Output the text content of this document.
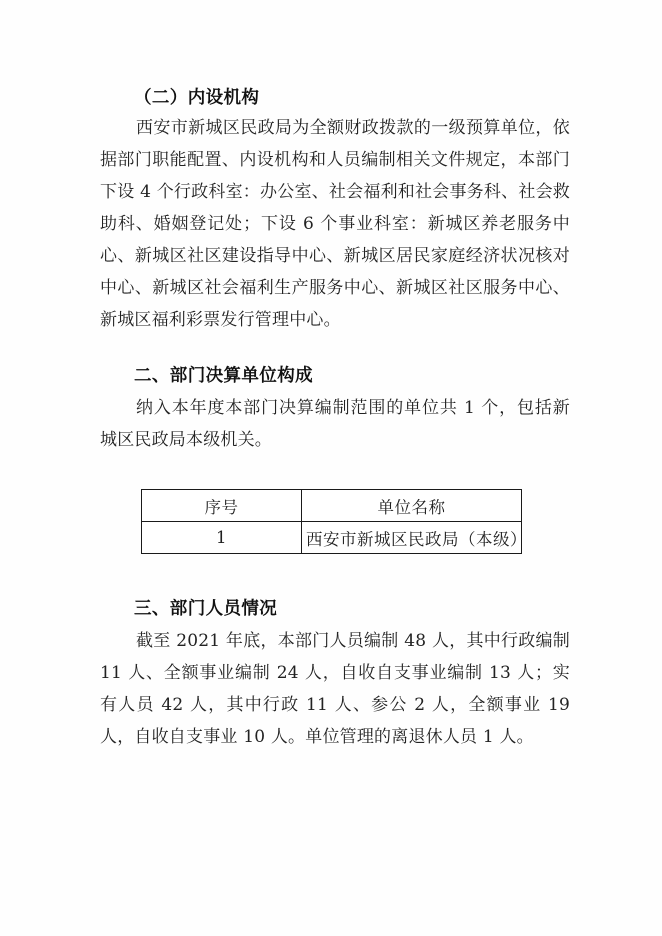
（二）内设机构

西安市新城区民政局为全额财政拨款的一级预算单位，依据部门职能配置、内设机构和人员编制相关文件规定，本部门下设 4 个行政科室：办公室、社会福利和社会事务科、社会救助科、婚姻登记处；下设 6 个事业科室：新城区养老服务中心、新城区社区建设指导中心、新城区居民家庭经济状况核对中心、新城区社会福利生产服务中心、新城区社区服务中心、新城区福利彩票发行管理中心。

二、部门决算单位构成

纳入本年度本部门决算编制范围的单位共 1 个，包括新城区民政局本级机关。

序号	单位名称
1	西安市新城区民政局（本级）
三、部门人员情况

截至 2021 年底，本部门人员编制 48 人，其中行政编制 11 人、全额事业编制 24 人，自收自支事业编制 13 人；实有人员 42 人，其中行政 11 人、参公 2 人，全额事业 19 人，自收自支事业 10 人。单位管理的离退休人员 1 人。
